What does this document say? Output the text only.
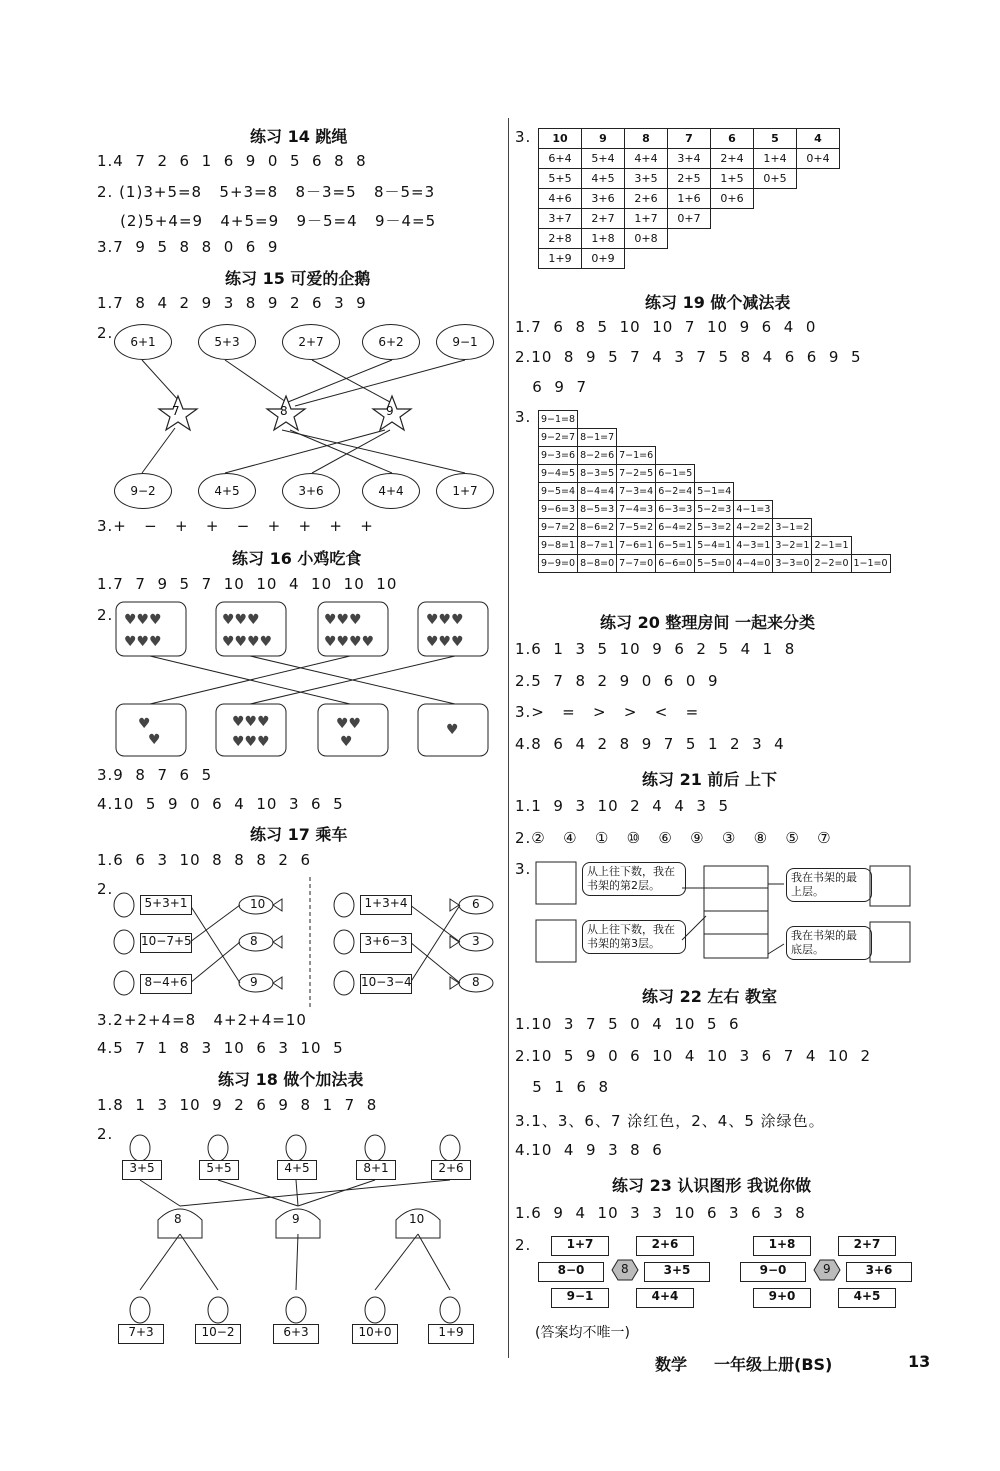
练习 14 跳绳
1.4  7  2  6  1  6  9  0  5  6  8  8
2. (1)3+5=8   5+3=8   8－3=5   8－5=3
(2)5+4=9   4+5=9   9－5=4   9－4=5
3.7  9  5  8  8  0  6  9
练习 15 可爱的企鹅
1.7  8  4  2  9  3  8  9  2  6  3  9
2.
7	8	9
6+1	5+3	2+7	6+2	9−1
9−2	4+5	3+6	4+4	1+7
3.+   −   +   +   −   +   +   +   +
练习 16 小鸡吃食
1.7  7  9  5  7  10  10  4  10  10  10
2. ♥♥♥
♥♥♥
♥♥♥
♥♥♥♥
♥♥♥
♥♥♥♥
♥♥♥
♥♥♥
♥
♥
♥♥♥
♥♥♥
♥♥
♥
♥
3.9  8  7  6  5
4.10  5  9  0  6  4  10  3  6  5
练习 17 乘车
1.6  6  3  10  8  8  8  2  6
2.
5+3+1
10−7+5
8−4+6
10
8
9
1+3+4
3+6−3
10−3−4
6
3
8
3.2+2+4=8   4+2+4=10
4.5  7  1  8  3  10  6  3  10  5
练习 18 做个加法表
1.8  1  3  10  9  2  6  9  8  1  7  8
2.
3+5	5+5	4+5	8+1	2+6
8	9	10
7+3	10−2	6+3	10+0	1+9
3. 10	9	8	7	6	5	4
6+4	5+4	4+4	3+4	2+4	1+4	0+4
5+5	4+5	3+5	2+5	1+5	0+5	
4+6	3+6	2+6	1+6	0+6		
3+7	2+7	1+7	0+7			
2+8	1+8	0+8				
1+9	0+9					
练习 19 做个减法表
1.7  6  8  5  10  10  7  10  9  6  4  0
2.10  8  9  5  7  4  3  7  5  8  4  6  6  9  5
6  9  7
3. 9−1=8								
9−2=7	8−1=7							
9−3=6	8−2=6	7−1=6						
9−4=5	8−3=5	7−2=5	6−1=5					
9−5=4	8−4=4	7−3=4	6−2=4	5−1=4				
9−6=3	8−5=3	7−4=3	6−3=3	5−2=3	4−1=3			
9−7=2	8−6=2	7−5=2	6−4=2	5−3=2	4−2=2	3−1=2		
9−8=1	8−7=1	7−6=1	6−5=1	5−4=1	4−3=1	3−2=1	2−1=1	
9−9=0	8−8=0	7−7=0	6−6=0	5−5=0	4−4=0	3−3=0	2−2=0	1−1=0
练习 20 整理房间 一起来分类
1.6  1  3  5  10  9  6  2  5  4  1  8
2.5  7  8  2  9  0  6  0  9
3.>   =   >   >   <   =
4.8  6  4  2  8  9  7  5  1  2  3  4
练习 21 前后 上下
1.1  9  3  10  2  4  4  3  5
2.②   ④   ①   ⑩   ⑥   ⑨   ③   ⑧   ⑤   ⑦
3.	从上往下数，我在书架的第2层。
从上往下数，我在书架的第3层。
我在书架的最上层。
我在书架的最底层。
练习 22 左右 教室
1.10  3  7  5  0  4  10  5  6
2.10  5  9  0  6  10  4  10  3  6  7  4  10  2
5  1  6  8
3.1、3、6、7 涂红色，2、4、5 涂绿色。
4.10  4  9  3  8  6
练习 23 认识图形 我说你做
1.6  9  4  10  3  3  10  6  3  6  3  8
2.
8	9
1+7	2+6
8−0	3+5
9−1	4+4
1+8	2+7
9−0	3+6
9+0	4+5
(答案均不唯一)
数学 一年级上册(BS)	13
